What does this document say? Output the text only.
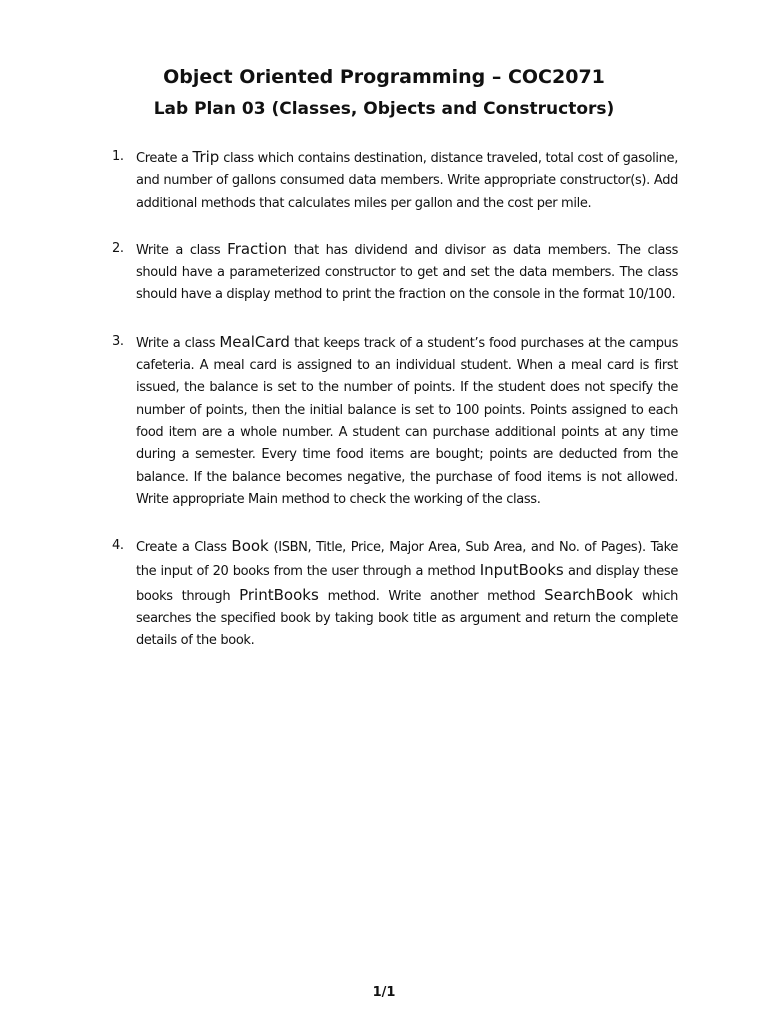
Object Oriented Programming – COC2071
Lab Plan 03 (Classes, Objects and Constructors)
1. Create a Trip class which contains destination, distance traveled, total cost of gasoline, and number of gallons consumed data members. Write appropriate constructor(s). Add additional methods that calculates miles per gallon and the cost per mile.
2. Write a class Fraction that has dividend and divisor as data members. The class should have a parameterized constructor to get and set the data members. The class should have a display method to print the fraction on the console in the format 10/100.
3. Write a class MealCard that keeps track of a student’s food purchases at the campus cafeteria. A meal card is assigned to an individual student. When a meal card is first issued, the balance is set to the number of points. If the student does not specify the number of points, then the initial balance is set to 100 points. Points assigned to each food item are a whole number. A student can purchase additional points at any time during a semester. Every time food items are bought; points are deducted from the balance. If the balance becomes negative, the purchase of food items is not allowed. Write appropriate Main method to check the working of the class.
4. Create a Class Book (ISBN, Title, Price, Major Area, Sub Area, and No. of Pages). Take the input of 20 books from the user through a method InputBooks and display these books through PrintBooks method. Write another method SearchBook which searches the specified book by taking book title as argument and return the complete details of the book.
1/1
